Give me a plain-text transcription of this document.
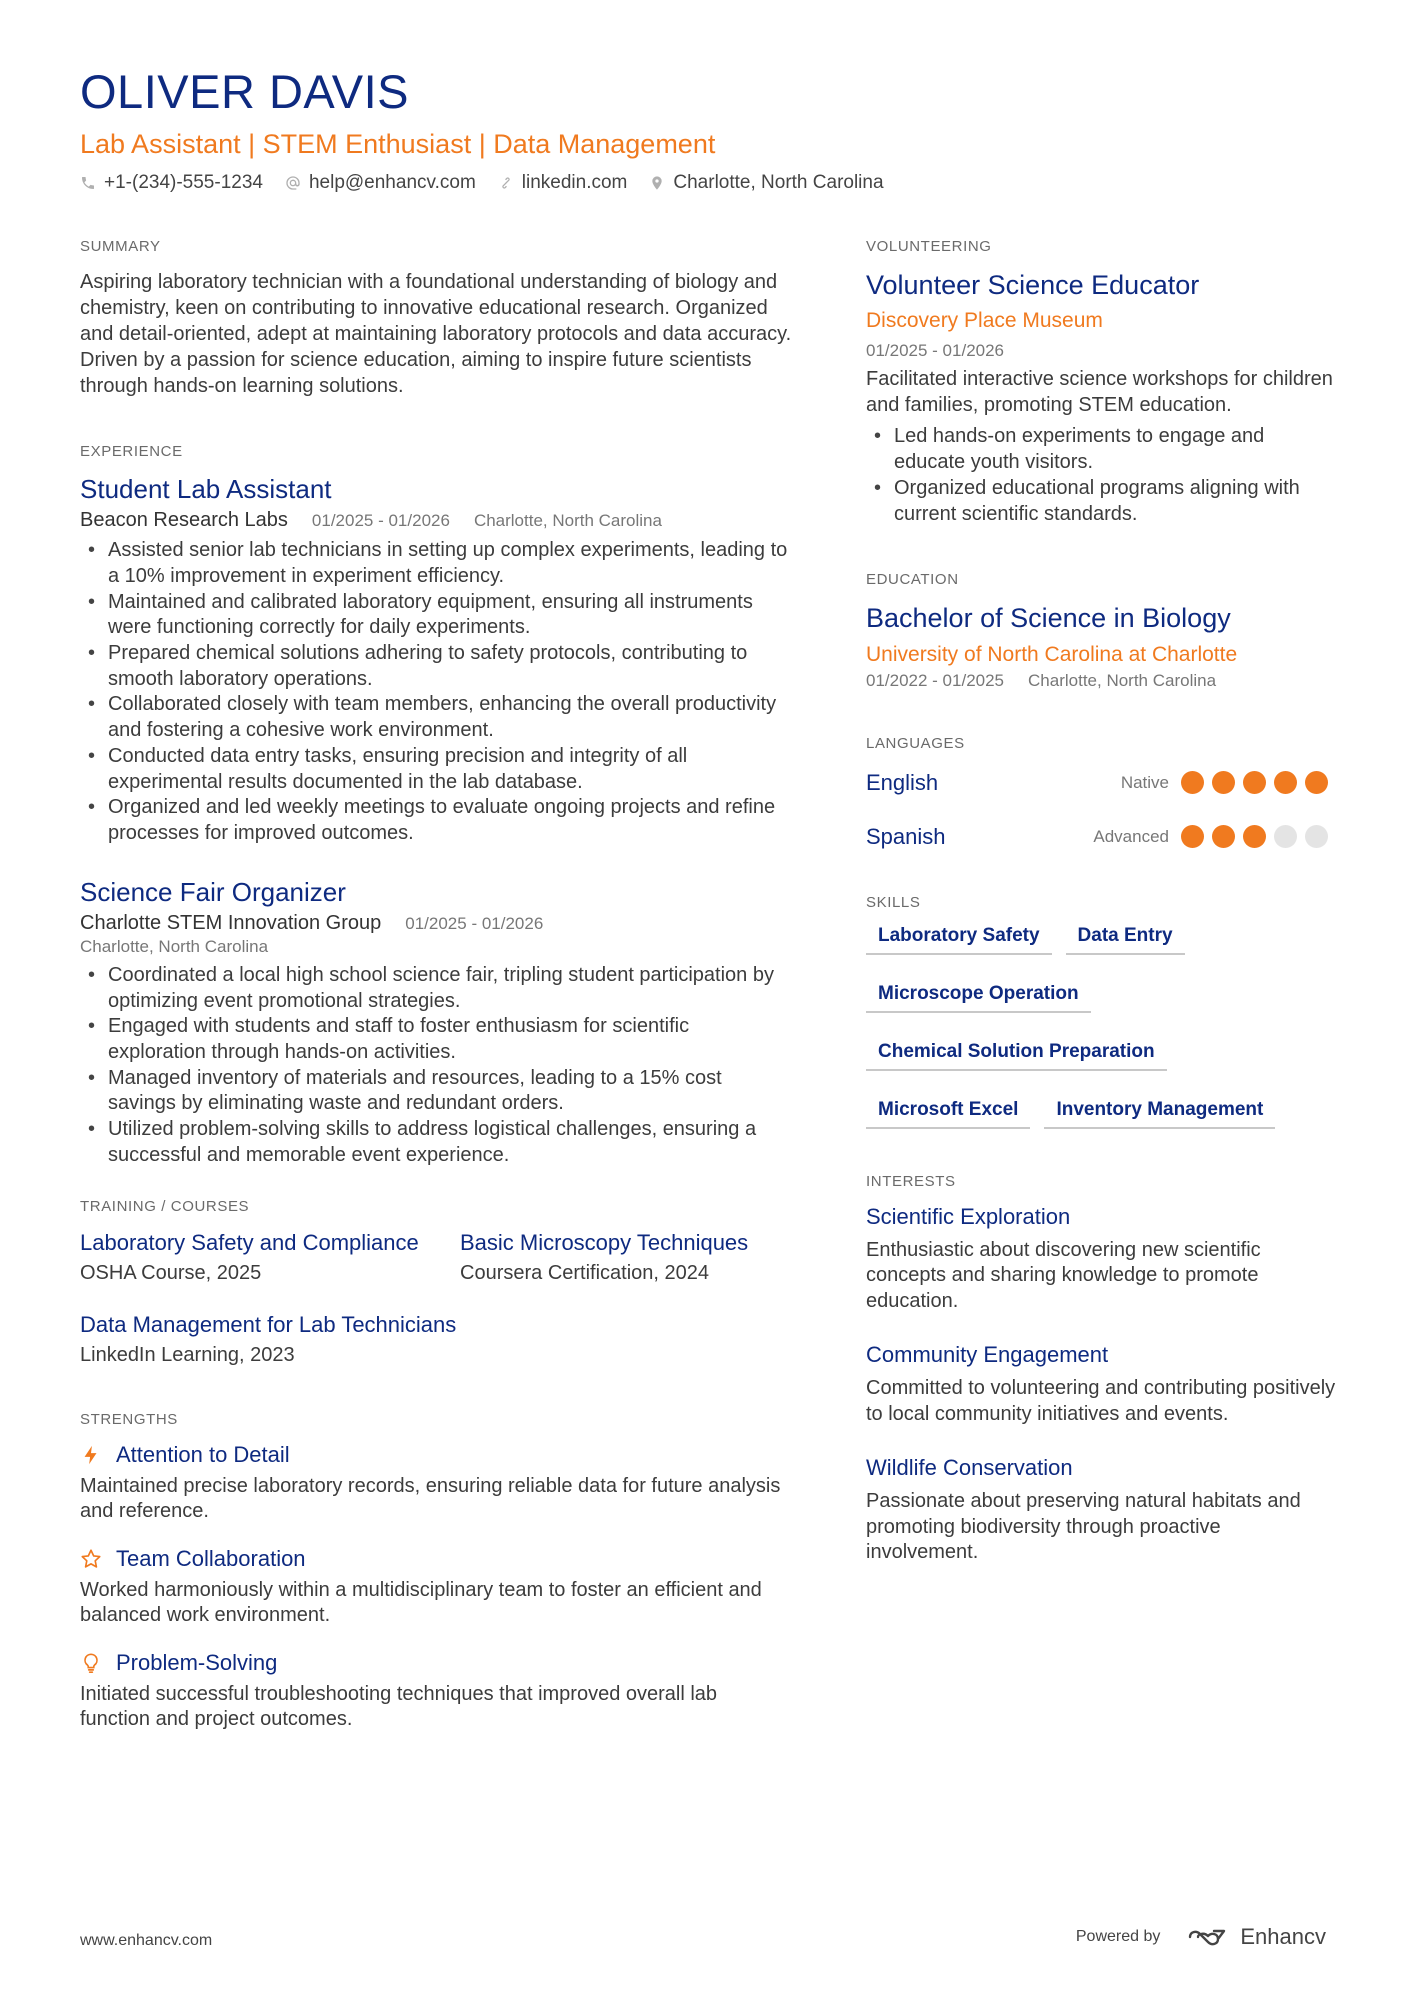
OLIVER DAVIS
Lab Assistant | STEM Enthusiast | Data Management
+1-(234)-555-1234 help@enhancv.com linkedin.com Charlotte, North Carolina
SUMMARY

Aspiring laboratory technician with a foundational understanding of biology and chemistry, keen on contributing to innovative educational research. Organized and detail-oriented, adept at maintaining laboratory protocols and data accuracy. Driven by a passion for science education, aiming to inspire future scientists through hands-on learning solutions.

EXPERIENCE
Student Lab Assistant
Beacon Research Labs 01/2025 - 01/2026 Charlotte, North Carolina
• Assisted senior lab technicians in setting up complex experiments, leading to a 10% improvement in experiment efficiency.
• Maintained and calibrated laboratory equipment, ensuring all instruments were functioning correctly for daily experiments.
• Prepared chemical solutions adhering to safety protocols, contributing to smooth laboratory operations.
• Collaborated closely with team members, enhancing the overall productivity and fostering a cohesive work environment.
• Conducted data entry tasks, ensuring precision and integrity of all experimental results documented in the lab database.
• Organized and led weekly meetings to evaluate ongoing projects and refine processes for improved outcomes.
Science Fair Organizer
Charlotte STEM Innovation Group 01/2025 - 01/2026
Charlotte, North Carolina
• Coordinated a local high school science fair, tripling student participation by optimizing event promotional strategies.
• Engaged with students and staff to foster enthusiasm for scientific exploration through hands-on activities.
• Managed inventory of materials and resources, leading to a 15% cost savings by eliminating waste and redundant orders.
• Utilized problem-solving skills to address logistical challenges, ensuring a successful and memorable event experience.
TRAINING / COURSES
Laboratory Safety and Compliance
OSHA Course, 2025
Basic Microscopy Techniques
Coursera Certification, 2024
Data Management for Lab Technicians
LinkedIn Learning, 2023
STRENGTHS
Attention to Detail
Maintained precise laboratory records, ensuring reliable data for future analysis and reference.
Team Collaboration
Worked harmoniously within a multidisciplinary team to foster an efficient and balanced work environment.
Problem-Solving
Initiated successful troubleshooting techniques that improved overall lab function and project outcomes.
VOLUNTEERING
Volunteer Science Educator
Discovery Place Museum
01/2025 - 01/2026
Facilitated interactive science workshops for children and families, promoting STEM education.
• Led hands-on experiments to engage and educate youth visitors.
• Organized educational programs aligning with current scientific standards.
EDUCATION
Bachelor of Science in Biology
University of North Carolina at Charlotte
01/2022 - 01/2025 Charlotte, North Carolina
LANGUAGES
English	Native
Spanish	Advanced
SKILLS
Laboratory Safety	Data Entry
Microscope Operation
Chemical Solution Preparation
Microsoft Excel	Inventory Management
INTERESTS
Scientific Exploration
Enthusiastic about discovering new scientific concepts and sharing knowledge to promote education.
Community Engagement
Committed to volunteering and contributing positively to local community initiatives and events.
Wildlife Conservation
Passionate about preserving natural habitats and promoting biodiversity through proactive involvement.
www.enhancv.com	Powered by	Enhancv
